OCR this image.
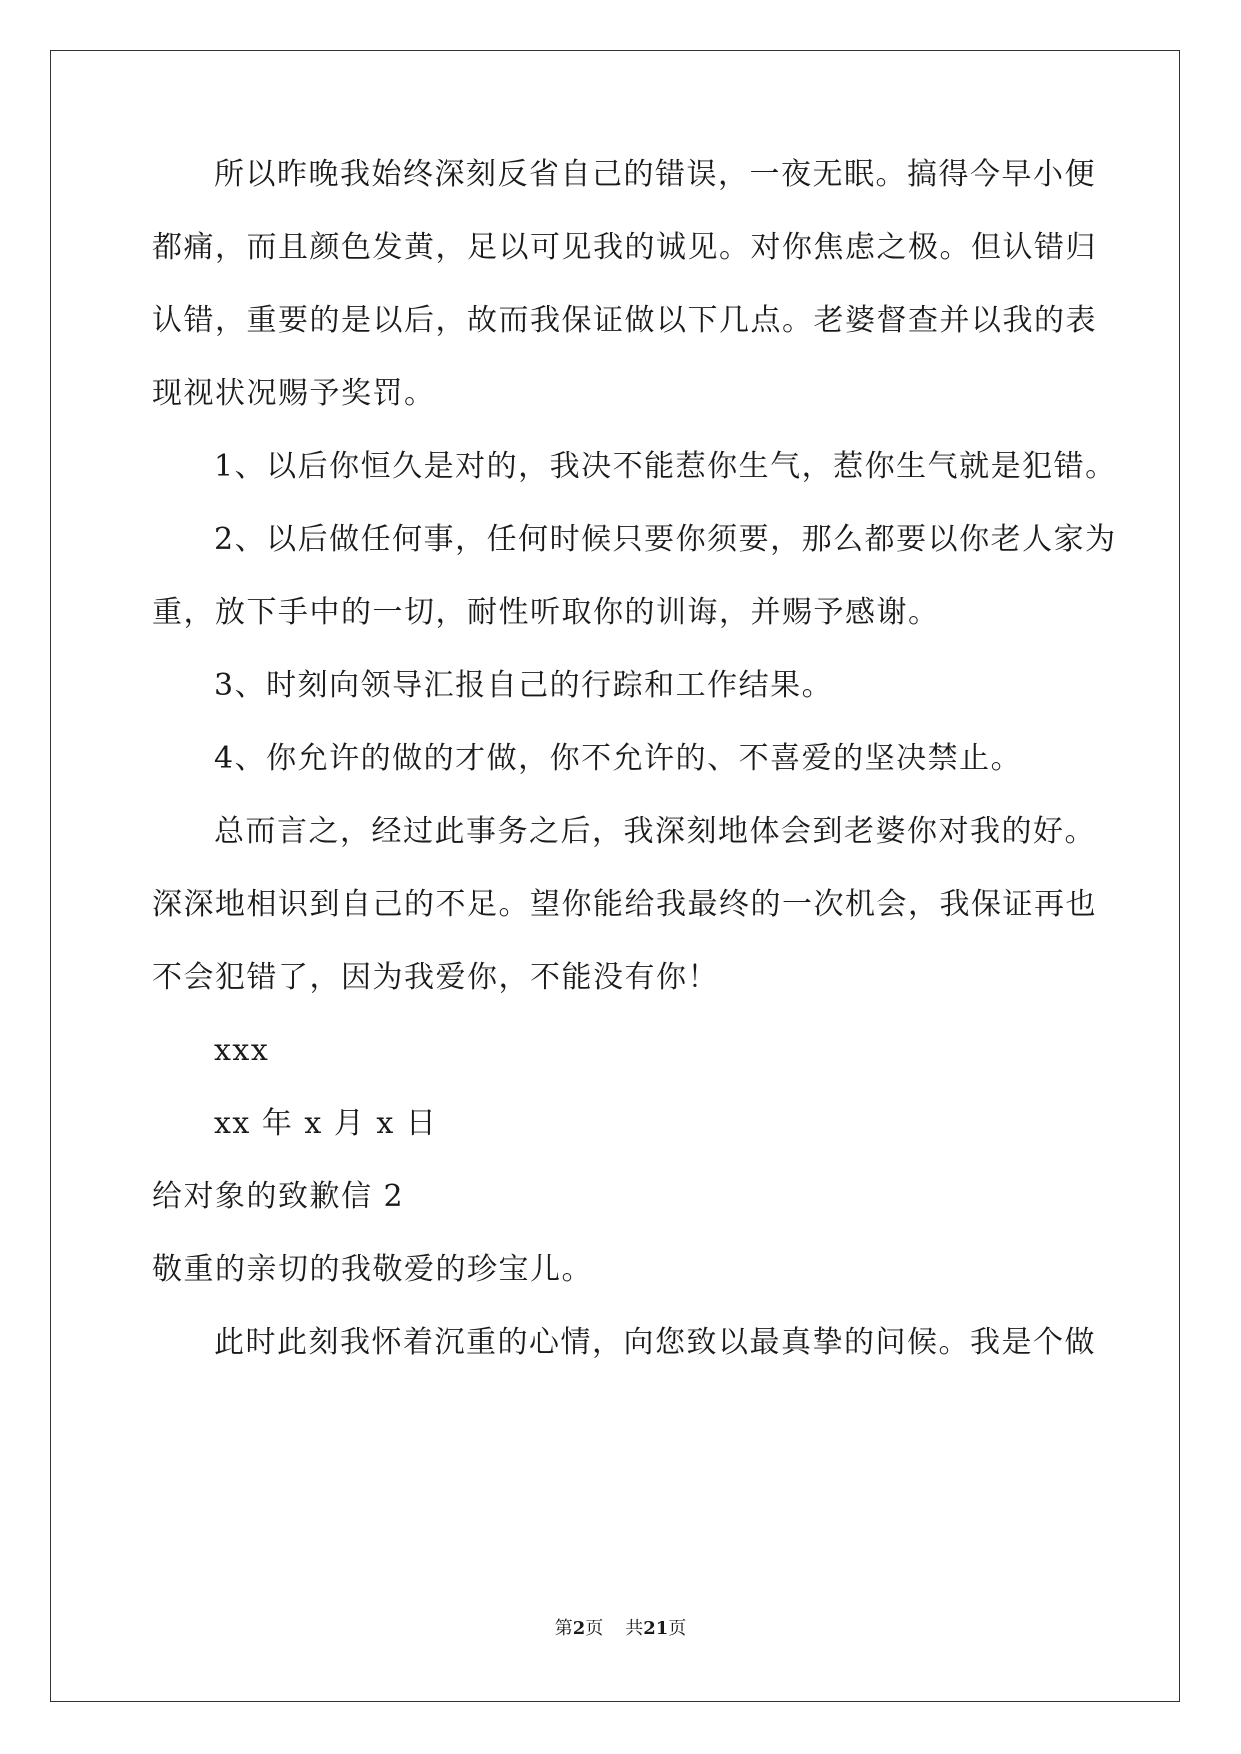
所以昨晚我始终深刻反省自己的错误，一夜无眠。搞得今早小便
都痛，而且颜色发黄，足以可见我的诚见。对你焦虑之极。但认错归
认错，重要的是以后，故而我保证做以下几点。老婆督查并以我的表
现视状况赐予奖罚。
1、以后你恒久是对的，我决不能惹你生气，惹你生气就是犯错。
2、以后做任何事，任何时候只要你须要，那么都要以你老人家为
重，放下手中的一切，耐性听取你的训诲，并赐予感谢。
3、时刻向领导汇报自己的行踪和工作结果。
4、你允许的做的才做，你不允许的、不喜爱的坚决禁止。
总而言之，经过此事务之后，我深刻地体会到老婆你对我的好。
深深地相识到自己的不足。望你能给我最终的一次机会，我保证再也
不会犯错了，因为我爱你，不能没有你！
xxx
xx 年 x 月 x 日
给对象的致歉信 2
敬重的亲切的我敬爱的珍宝儿。
此时此刻我怀着沉重的心情，向您致以最真挚的问候。我是个做
第2页 共21页
